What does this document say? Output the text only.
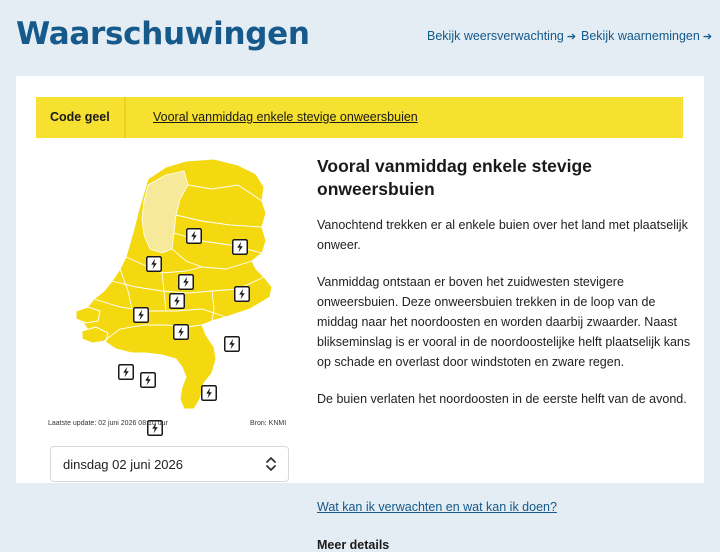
Waarschuwingen	Bekijk weersverwachting ➔ Bekijk waarnemingen ➔
Code geel	Vooral vanmiddag enkele stevige onweersbuien
Laatste update: 02 juni 2026 08:10 uur	Bron: KNMI
dinsdag 02 juni 2026
Vooral vanmiddag enkele stevige onweersbuien

Vanochtend trekken er al enkele buien over het land met plaatselijk onweer.

Vanmiddag ontstaan er boven het zuidwesten stevigere onweersbuien. Deze onweersbuien trekken in de loop van de middag naar het noordoosten en worden daarbij zwaarder. Naast blikseminslag is er vooral in de noordoostelijke helft plaatselijk kans op schade en overlast door windstoten en zware regen.

De buien verlaten het noordoosten in de eerste helft van de avond.

Wat kan ik verwachten en wat kan ik doen?
Meer details
